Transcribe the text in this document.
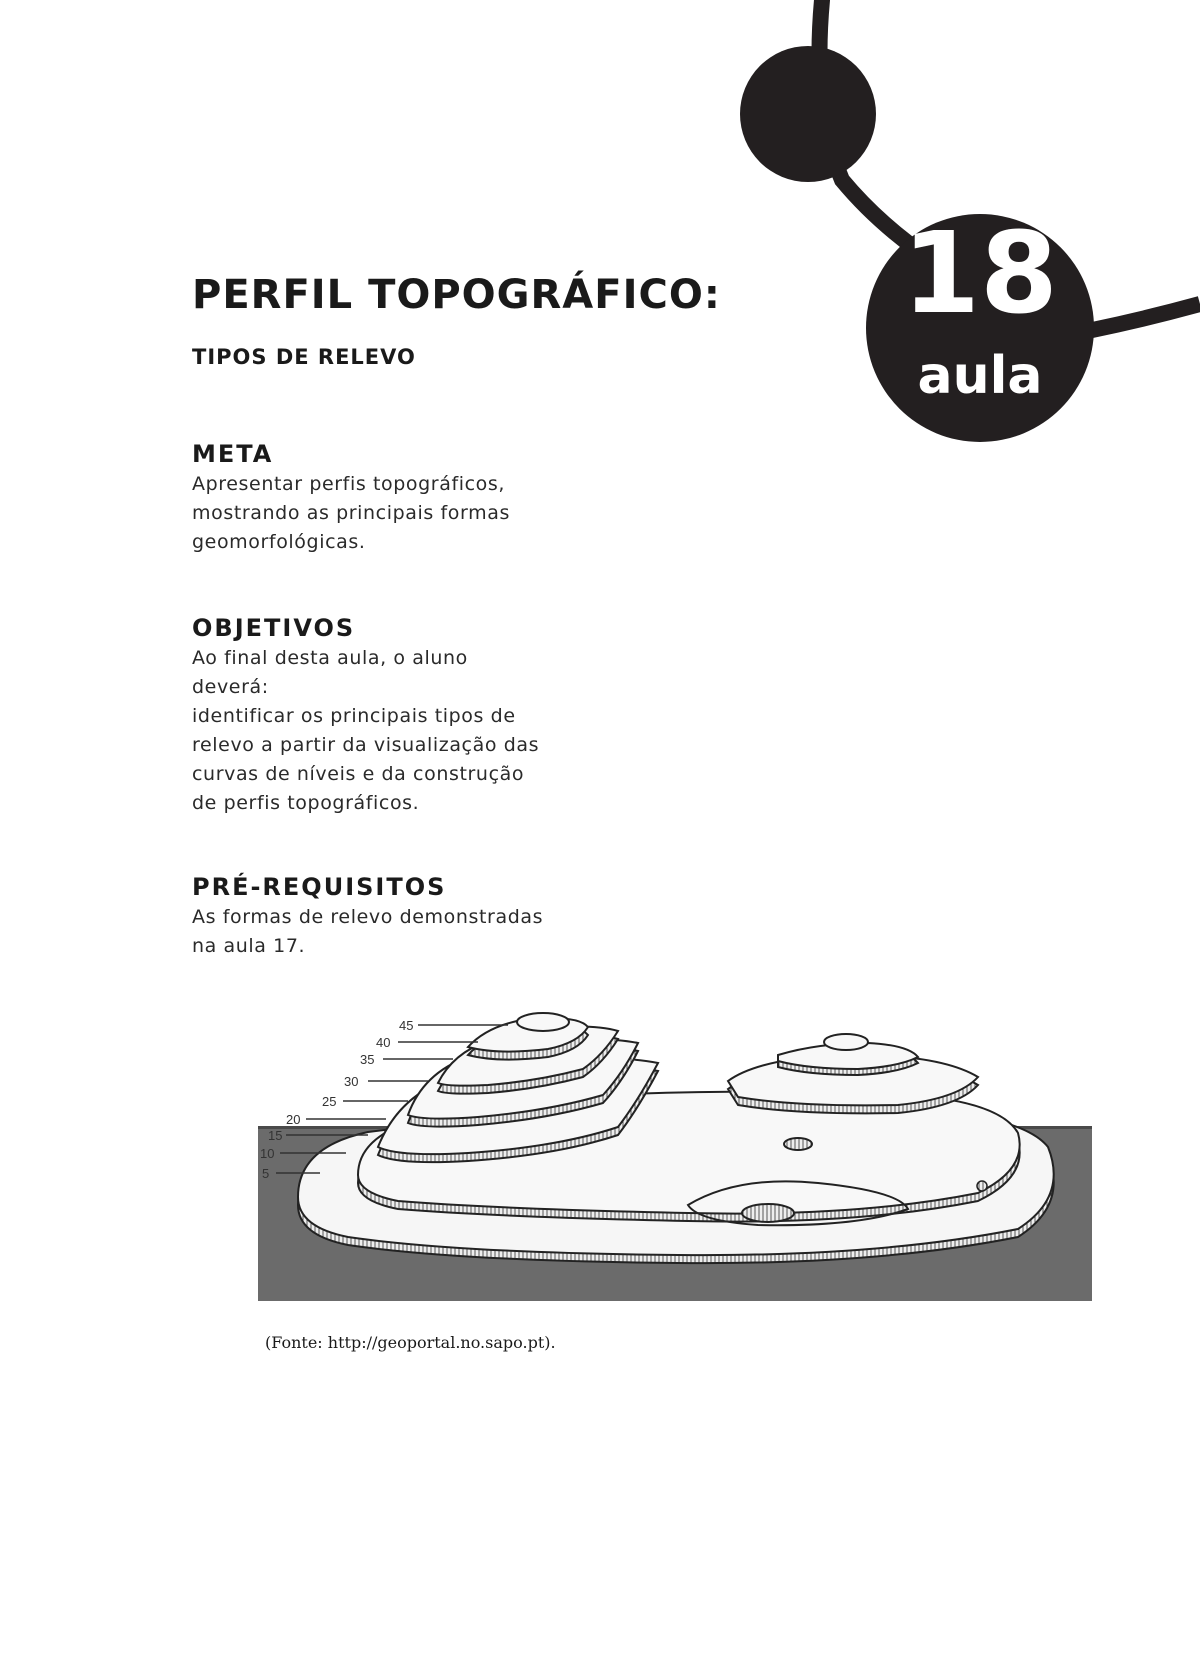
18
aula
PERFIL TOPOGRÁFICO:
TIPOS DE RELEVO
META

Apresentar perfis topográficos,
mostrando as principais formas
geomorfológicas.

OBJETIVOS

Ao final desta aula, o aluno
deverá:
identificar os principais tipos de
relevo a partir da visualização das
curvas de níveis e da construção
de perfis topográficos.

PRÉ-REQUISITOS

As formas de relevo demonstradas
na aula 17.

45
40
35
30
25
20
15
10
5
(Fonte: http://geoportal.no.sapo.pt).
